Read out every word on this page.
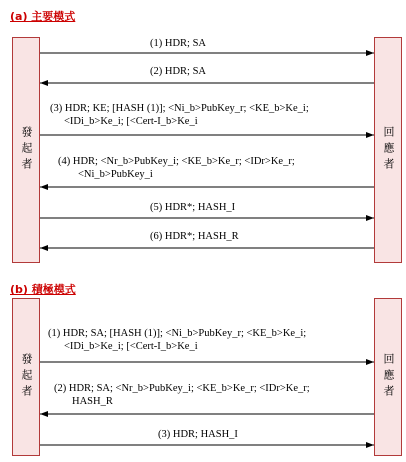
(a) 主要模式
發起者	回應者
(1) HDR; SA
(2) HDR; SA
(3) HDR; KE; [HASH (1)]; <Ni_b>PubKey_r; <KE_b>Ke_i;
<IDi_b>Ke_i; [<Cert-I_b>Ke_i
(4) HDR; <Nr_b>PubKey_i; <KE_b>Ke_r; <IDr>Ke_r;
<Ni_b>PubKey_i
(5) HDR*; HASH_I
(6) HDR*; HASH_R
(b) 積極模式
發起者	回應者
(1) HDR; SA; [HASH (1)]; <Ni_b>PubKey_r; <KE_b>Ke_i;
<IDi_b>Ke_i; [<Cert-I_b>Ke_i
(2) HDR; SA; <Nr_b>PubKey_i; <KE_b>Ke_r; <IDr>Ke_r;
HASH_R
(3) HDR; HASH_I
